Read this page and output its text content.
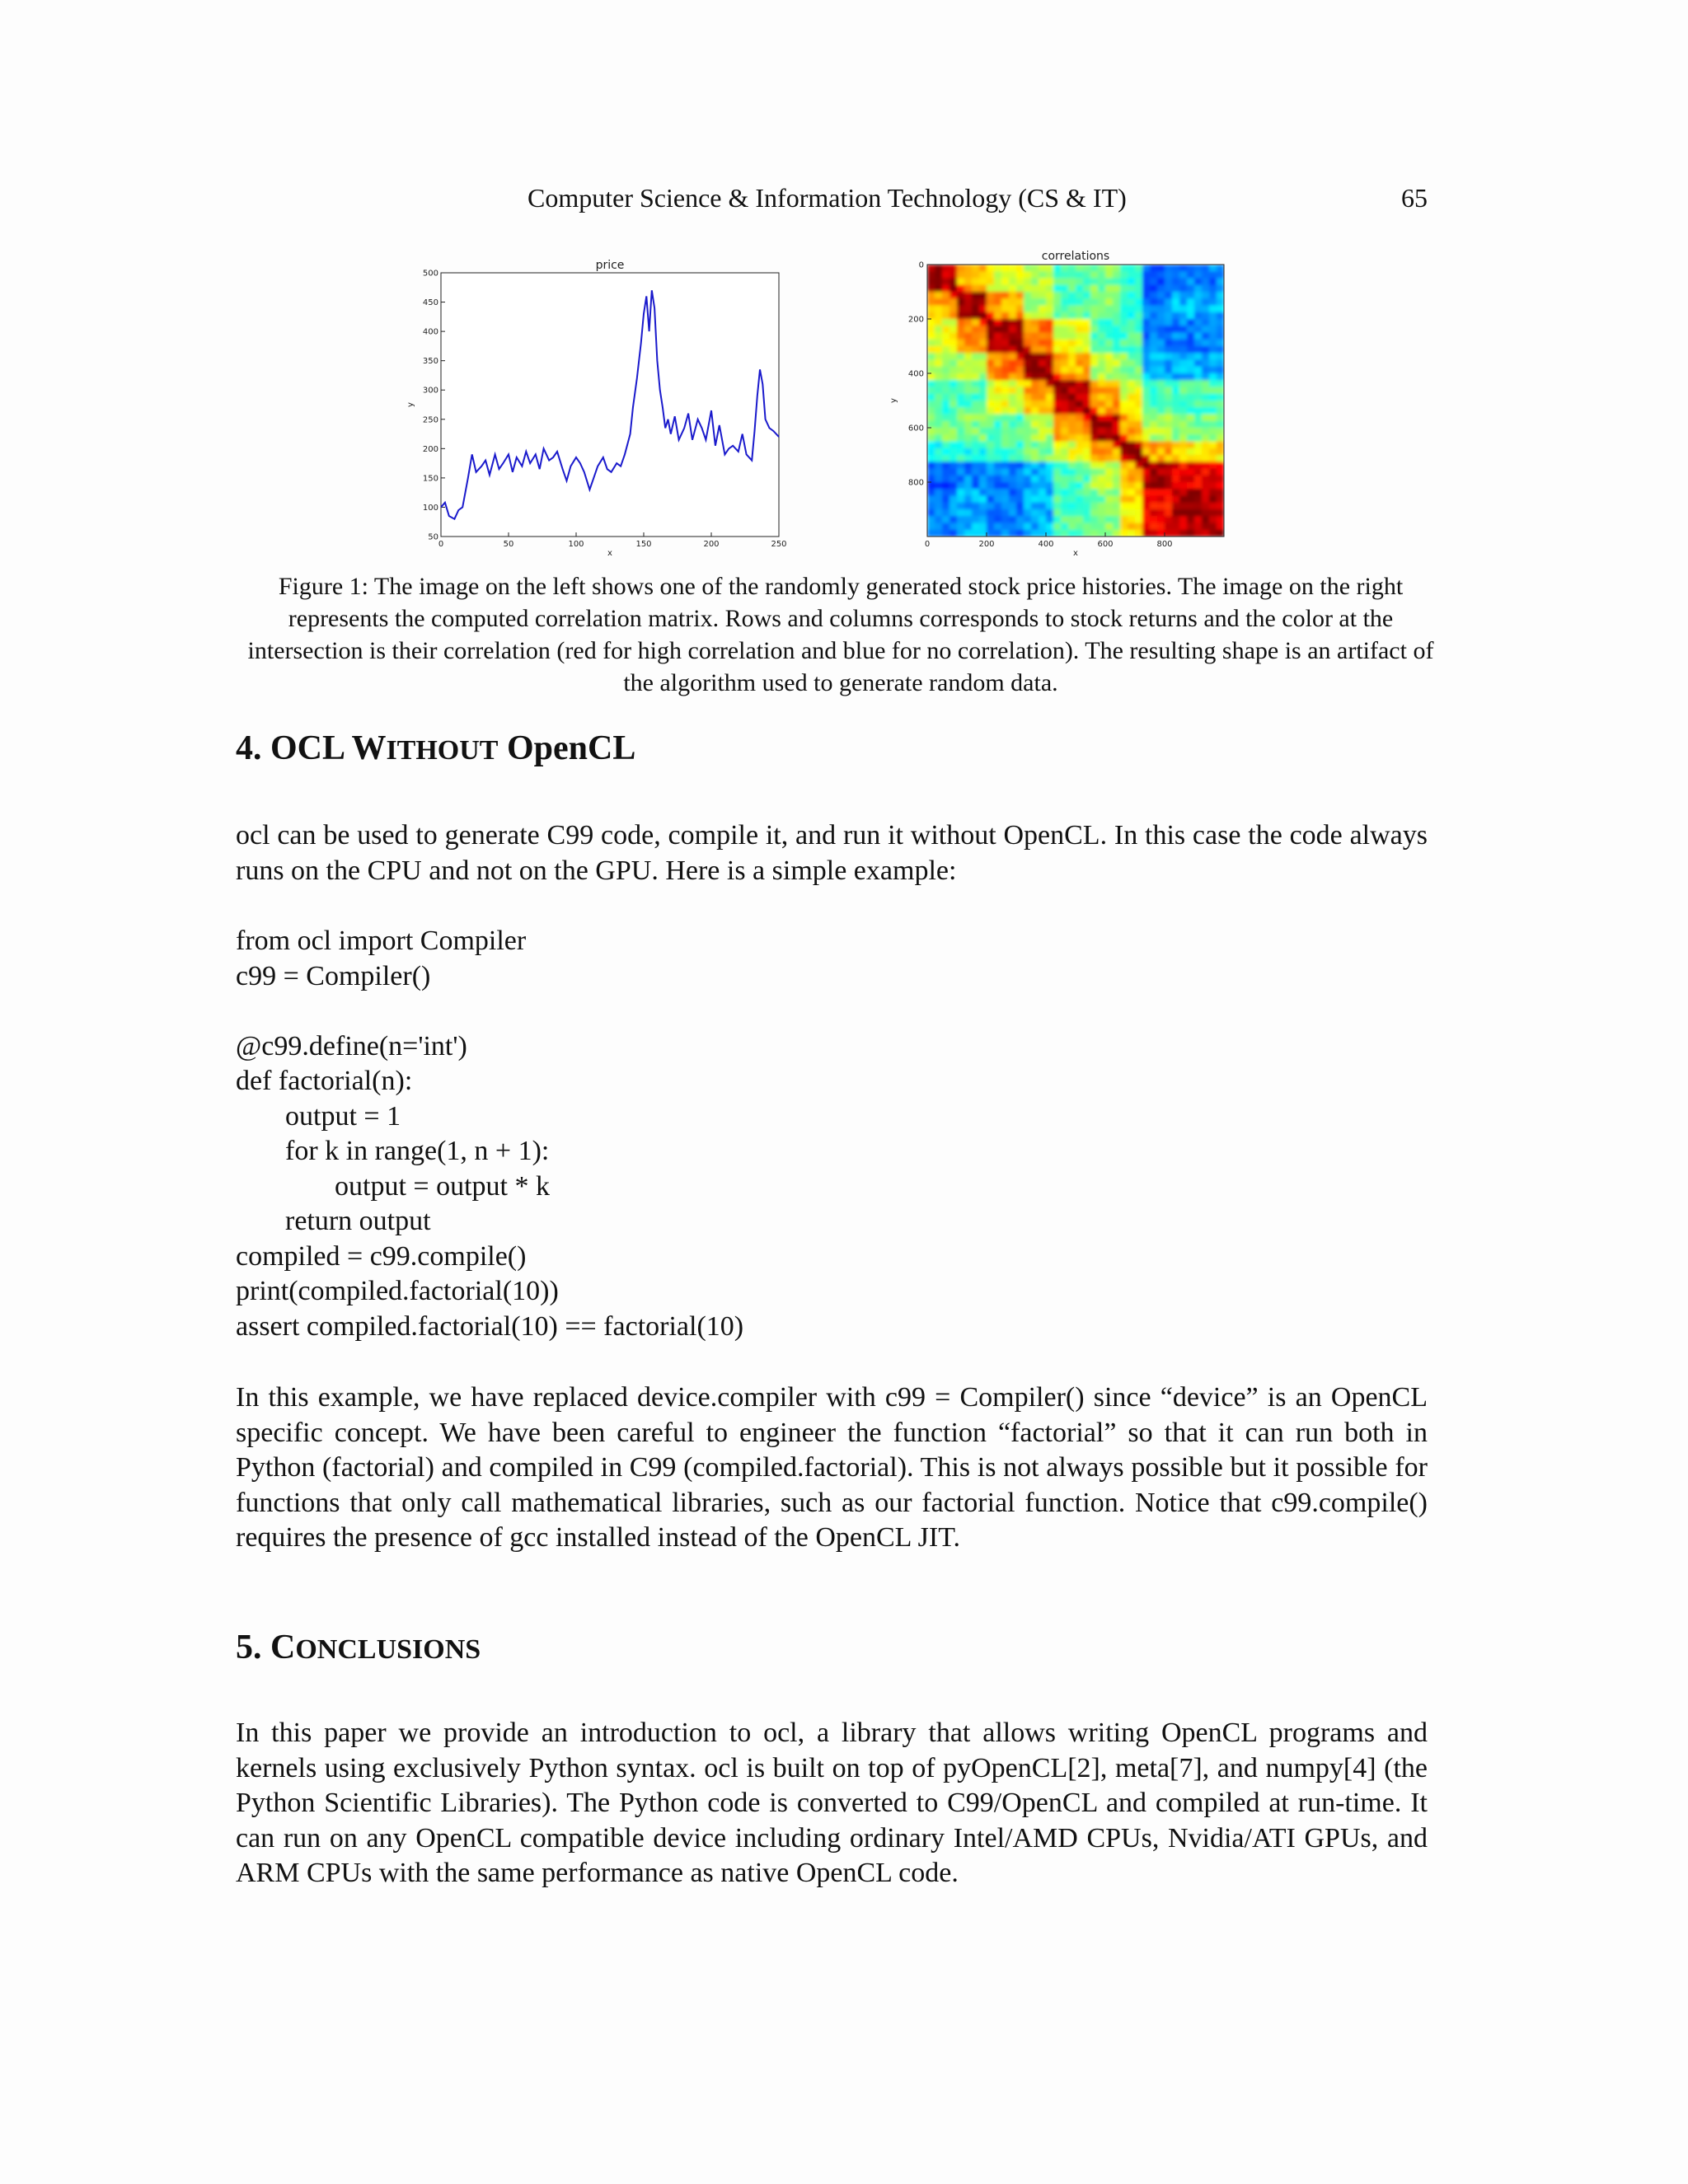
Computer Science & Information Technology (CS & IT)	65
price
50
100
150
200
250
300
350
400
450
500
0	50	100	150	200	250
x
y
correlations
0
200
400
600
800
0	200	400	600	800
x
y
Figure 1: The image on the left shows one of the randomly generated stock price histories. The image on the right represents the computed correlation matrix. Rows and columns corresponds to stock returns and the color at the intersection is their correlation (red for high correlation and blue for no correlation). The resulting shape is an artifact of the algorithm used to generate random data.
4. OCL WITHOUT OpenCL

ocl can be used to generate C99 code, compile it, and run it without OpenCL. In this case the code always runs on the CPU and not on the GPU. Here is a simple example:

from ocl import Compiler
c99 = Compiler()

@c99.define(n='int')
def factorial(n):
output = 1
for k in range(1, n + 1):
output = output * k
return output
compiled = c99.compile()
print(compiled.factorial(10))
assert compiled.factorial(10) == factorial(10)

In this example, we have replaced device.compiler with c99 = Compiler() since “device” is an OpenCL specific concept. We have been careful to engineer the function “factorial” so that it can run both in Python (factorial) and compiled in C99 (compiled.factorial). This is not always possible but it possible for functions that only call mathematical libraries, such as our factorial function. Notice that c99.compile() requires the presence of gcc installed instead of the OpenCL JIT.

5. CONCLUSIONS

In this paper we provide an introduction to ocl, a library that allows writing OpenCL programs and kernels using exclusively Python syntax. ocl is built on top of pyOpenCL[2], meta[7], and numpy[4] (the Python Scientific Libraries). The Python code is converted to C99/OpenCL and compiled at run-time. It can run on any OpenCL compatible device including ordinary Intel/AMD CPUs, Nvidia/ATI GPUs, and ARM CPUs with the same performance as native OpenCL code.
